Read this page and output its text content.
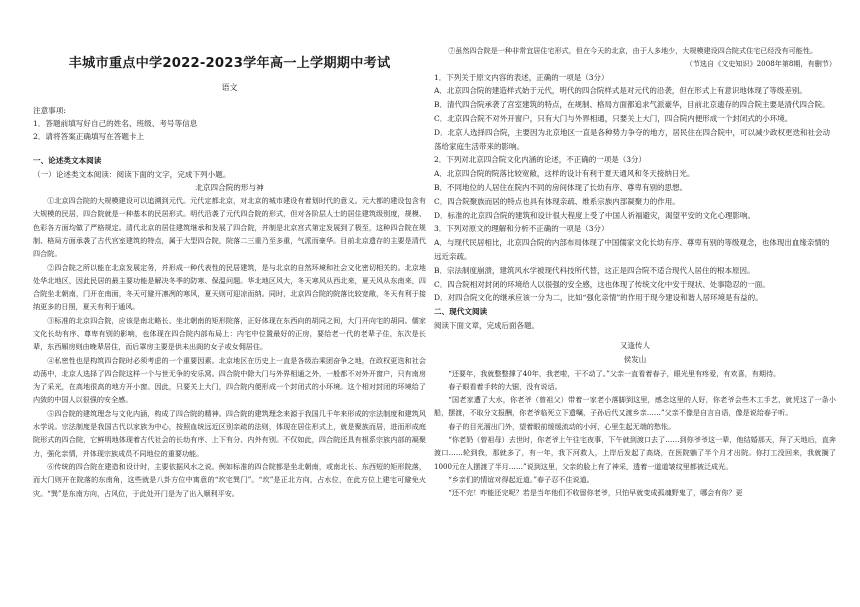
丰城市重点中学2022-2023学年高一上学期期中考试
语文
注意事项:
1．答题前填写好自己的姓名、班级、考号等信息
2．请将答案正确填写在答题卡上
一、论述类文本阅读
（一）论述类文本阅读：阅读下面的文字，完成下列小题。
北京四合院的形与神
①北京四合院的大规模建设可以追溯到元代。元代定都北京，对北京的城市建设有着划时代的意义。元大都的建设包含有大规模的民居，四合院就是一种基本的民居形式。明代沿袭了元代四合院的形式，但对各阶层人士的居住建筑级别度，规模、色彩各方面均做了严格规定。清代北京的居住建筑继承和发展了四合院，并制是北京宫式第定发展到了极至，这种四合院在规制、格局方面承袭了古代宫室建筑的特点，属于大型四合院，院落二三重乃至多重，气派而豪华。目前北京遗存的主要是清代四合院。
②四合院之所以能在北京发展定务，并形成一种代表性的民居建筑，是与北京的自然环境和社会文化密切相关的。北京地处华北地区，因此民居的最主要功能是解决冬季的防寒、保温问题。华北地区风大，冬天寒风从西北来，夏天风从东南来，四合院坐北朝南，门开在南面，冬天可避开凛冽的寒风，夏天则可迎凉而纳。同时，北京四合院的院落比较宽敞，冬天有利于接纳更多的日照，夏天有利于通风。
③标准的北京四合院，应该是南北略长、坐北朝南的矩形院落，正好体现在东西向的胡同之间，大门开向宅的胡同。儒家文化长幼有序、尊卑有别的影响，也体现在四合院内部布局上：内宅中位置最好的正房，要给老一代的老辈子住，东次是长辈，东西厢房则由晚辈居住，而后罩房主要是供未出阁的女子或女佣居住。
④私密性也是构筑四合院时必须考虑的一个重要因素。北京地区在历史上一直是各级治乘团奋争之地，在政权更迭和社会动荡中，北京人选择了四合院这样一个与世无争的安乐窝。四合院中除大门与外界相通之外，一般都不对外开窗户，只有南房为了采光，在高地很高的地方开小窗。因此，只要关上大门，四合院内便形成一个封闭式的小环境。这个相对封闭的环境给了内敛的中国人以很强的安全感。
⑤四合院的建筑理念与文化内涵，构成了四合院的精神。四合院的建筑理念来源于我国几千年来形成的宗法制度和建筑风水学说。宗法制度是我国古代以家族为中心，按照血统远近区别亲疏的法则，体现在居住形式上，就是聚族而居，进而形成庭院形式的四合院，它鲜明地体现着古代社会的长幼有序、上下有分、内外有别。不仅如此，四合院还具有根系宗族内部的凝聚力，强化亲情，并体现宗族成员不同地位的重要功能。
⑥传统的四合院在建造和设计时，主要依据风水之说。例如标准的四合院都是坐北朝南，或南北长、东西短的矩形院落，而大门则开在院落的东南角，这些就是八卦方位中寓意的“坎宅巽门”。“坎”是正北方向，占水位，在此方位上建宅可避免火灾。“巽”是东南方向，占风位，于此处开门是为了出入顺利平安。
⑦虽然四合院是一种非常宜居住宅形式，但在今天的北京，由于人多地少，大规模建设四合院式住宅已经没有可能性。
（节选自《文史知识》2008年第8期，有删节）
1．下列关于原文内容的表述，正确的一项是（3分）
A．北京四合院的建造样式始于元代，明代的四合院样式是对元代的沿袭，但在形式上有意识地体现了等级差别。
B．清代四合院承袭了宫室建筑的特点，在规制、格局方面都追求气派豪华，目前北京遗存的四合院主要是清代四合院。
C．北京四合院不对外开窗户，只有大门与外界相通，只要关上大门，四合院内便形成一个封闭式的小环境。
D．北京人选择四合院，主要因为北京地区一直是各种势力争夺的地方，居民住在四合院中，可以减少政权更迭和社会动荡给家庭生活带来的影响。
2．下列对北京四合院文化内涵的论述，不正确的一项是（3分）
A．北京四合院的院落比较宽敞，这样的设计有利于夏天通风和冬天接纳日光。
B．不同地位的人居住在院内不同的房间体现了长幼有序、尊卑有别的思想。
C．四合院聚族而居的特点也具有体现亲疏、维系宗族内部凝聚力的作用。
D．标准的北京四合院的建筑和设计很大程度上受了中国人祈福避灾，渴望平安的文化心理影响。
3．下列对原文的理解和分析不正确的一项是（3分）
A．与现代民居相比，北京四合院的内部布局体现了中国儒家文化长幼有序、尊卑有别的等级观念，也体现出血缘亲情的远近亲疏。
B．宗法制度崩溃，建筑风水学被现代科技所代替，这正是四合院不适合现代人居住的根本原因。
C．四合院相对封闭的环境给人以很强的安全感，这也体现了传统文化中安于现状、处事隐忍的一面。
D．对四合院文化的继承应该一分为二，比如“强化亲情”的作用于现今建设和谐人居环境是有益的。
二、现代文阅读
阅读下面文章，完成后面各题。
又逢传人
侯发山
“还要年，我就整整撑了40年，我老啦，干不动了。”父亲一直看着春子，眼光里有疼爱，有欢喜，有期待。
春子眼看着手转的大锯，没有说话。
“国老家遭了大水，你老爷（曾祖父）带着一家老小落脚到这里，感念这里的人好，你老爷会些木工手艺，就凭这了一条小船，摆渡，不取分文报酬，你老爷临死立下遗嘱，子孙后代又渡乡亲……”父亲不像是自言自语，像是说给春子听。
春子的目光溜出门外，望着眼前缓缓流动的小河，心里生起无端的愁怅。
“你老奶（曾祖母）去世时，你老爷上午往宅夜事，下午就到渡口去了……到你爷爷这一辈，他结婚那天，拜了天地后，直奔渡口……轮到我，那就多了，有一年，我下河救人，上岸后发起了高烧，在医院躺了半个月才出院。你打工没回来，我就搁了1000元在人摆渡了半月……”说到这里，父亲的脸上有了神采，透着一道道皱纹里都被泛成光。
“乡亲们的情谊对得起近道。”春子忍不住说道。
“还不完！咋能还完呢？若是当年他们不收留你老爷，只怕早就变成孤魂野鬼了，哪会有你？更
